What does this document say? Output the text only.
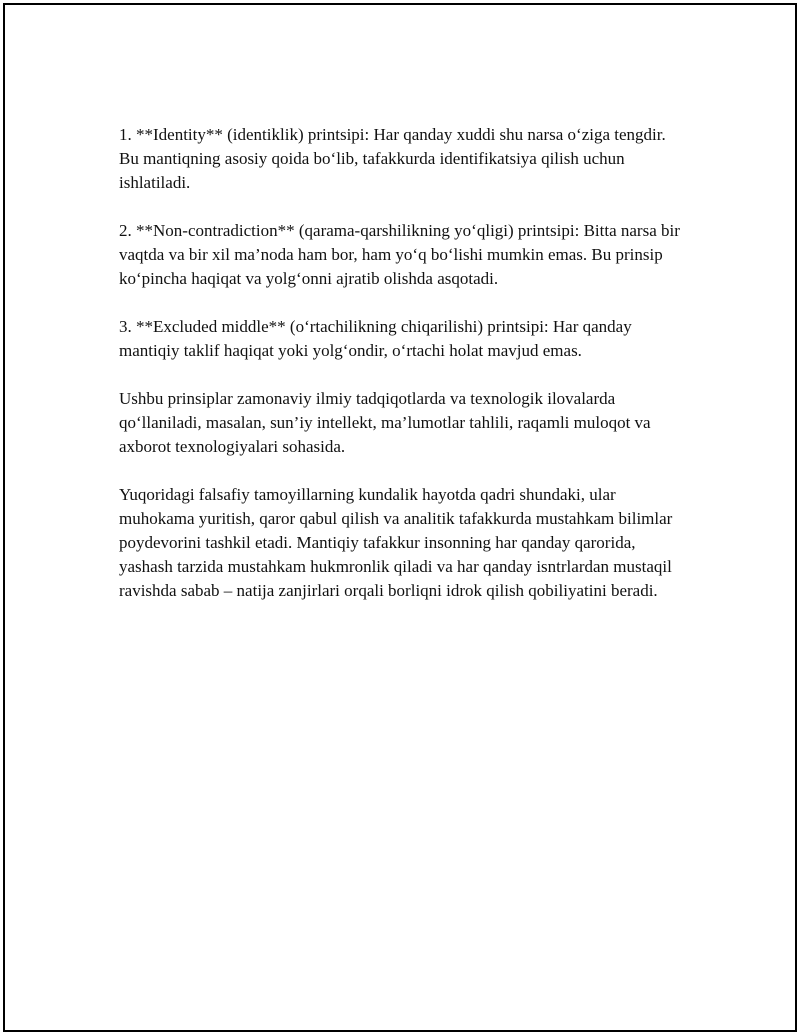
1. **Identity** (identiklik) printsipi: Har qanday xuddi shu narsa o‘ziga tengdir. Bu mantiqning asosiy qoida bo‘lib, tafakkurda identifikatsiya qilish uchun ishlatiladi.

2. **Non-contradiction** (qarama-qarshilikning yo‘qligi) printsipi: Bitta narsa bir vaqtda va bir xil ma’noda ham bor, ham yo‘q bo‘lishi mumkin emas. Bu prinsip ko‘pincha haqiqat va yolg‘onni ajratib olishda asqotadi.

3. **Excluded middle** (o‘rtachilikning chiqarilishi) printsipi: Har qanday mantiqiy taklif haqiqat yoki yolg‘ondir, o‘rtachi holat mavjud emas.

Ushbu prinsiplar zamonaviy ilmiy tadqiqotlarda va texnologik ilovalarda qo‘llaniladi, masalan, sun’iy intellekt, ma’lumotlar tahlili, raqamli muloqot va axborot texnologiyalari sohasida.

Yuqoridagi falsafiy tamoyillarning kundalik hayotda qadri shundaki, ular muhokama yuritish, qaror qabul qilish va analitik tafakkurda mustahkam bilimlar poydevorini tashkil etadi. Mantiqiy tafakkur insonning har qanday qarorida, yashash tarzida mustahkam hukmronlik qiladi va har qanday isntrlardan mustaqil ravishda sabab – natija zanjirlari orqali borliqni idrok qilish qobiliyatini beradi.
